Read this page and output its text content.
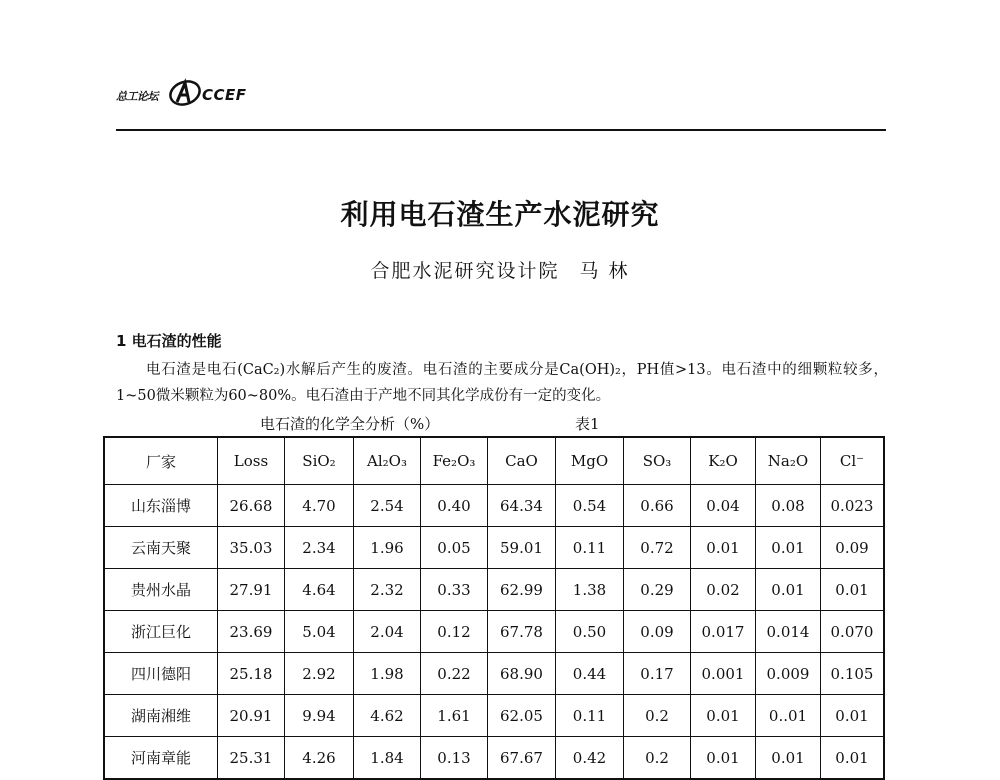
总工论坛	CCEF
利用电石渣生产水泥研究
合肥水泥研究设计院 马 林
1 电石渣的性能
电石渣是电石(CaC₂)水解后产生的废渣。电石渣的主要成分是Ca(OH)₂，PH值>13。电石渣中的细颗粒较多，1~50微米颗粒为60~80%。电石渣由于产地不同其化学成份有一定的变化。
电石渣的化学全分析（%）	表1
厂家	Loss	SiO₂	Al₂O₃	Fe₂O₃	CaO	MgO	SO₃	K₂O	Na₂O	Cl⁻
山东淄博	26.68	4.70	2.54	0.40	64.34	0.54	0.66	0.04	0.08	0.023
云南天聚	35.03	2.34	1.96	0.05	59.01	0.11	0.72	0.01	0.01	0.09
贵州水晶	27.91	4.64	2.32	0.33	62.99	1.38	0.29	0.02	0.01	0.01
浙江巨化	23.69	5.04	2.04	0.12	67.78	0.50	0.09	0.017	0.014	0.070
四川德阳	25.18	2.92	1.98	0.22	68.90	0.44	0.17	0.001	0.009	0.105
湖南湘维	20.91	9.94	4.62	1.61	62.05	0.11	0.2	0.01	0..01	0.01
河南章能	25.31	4.26	1.84	0.13	67.67	0.42	0.2	0.01	0.01	0.01
